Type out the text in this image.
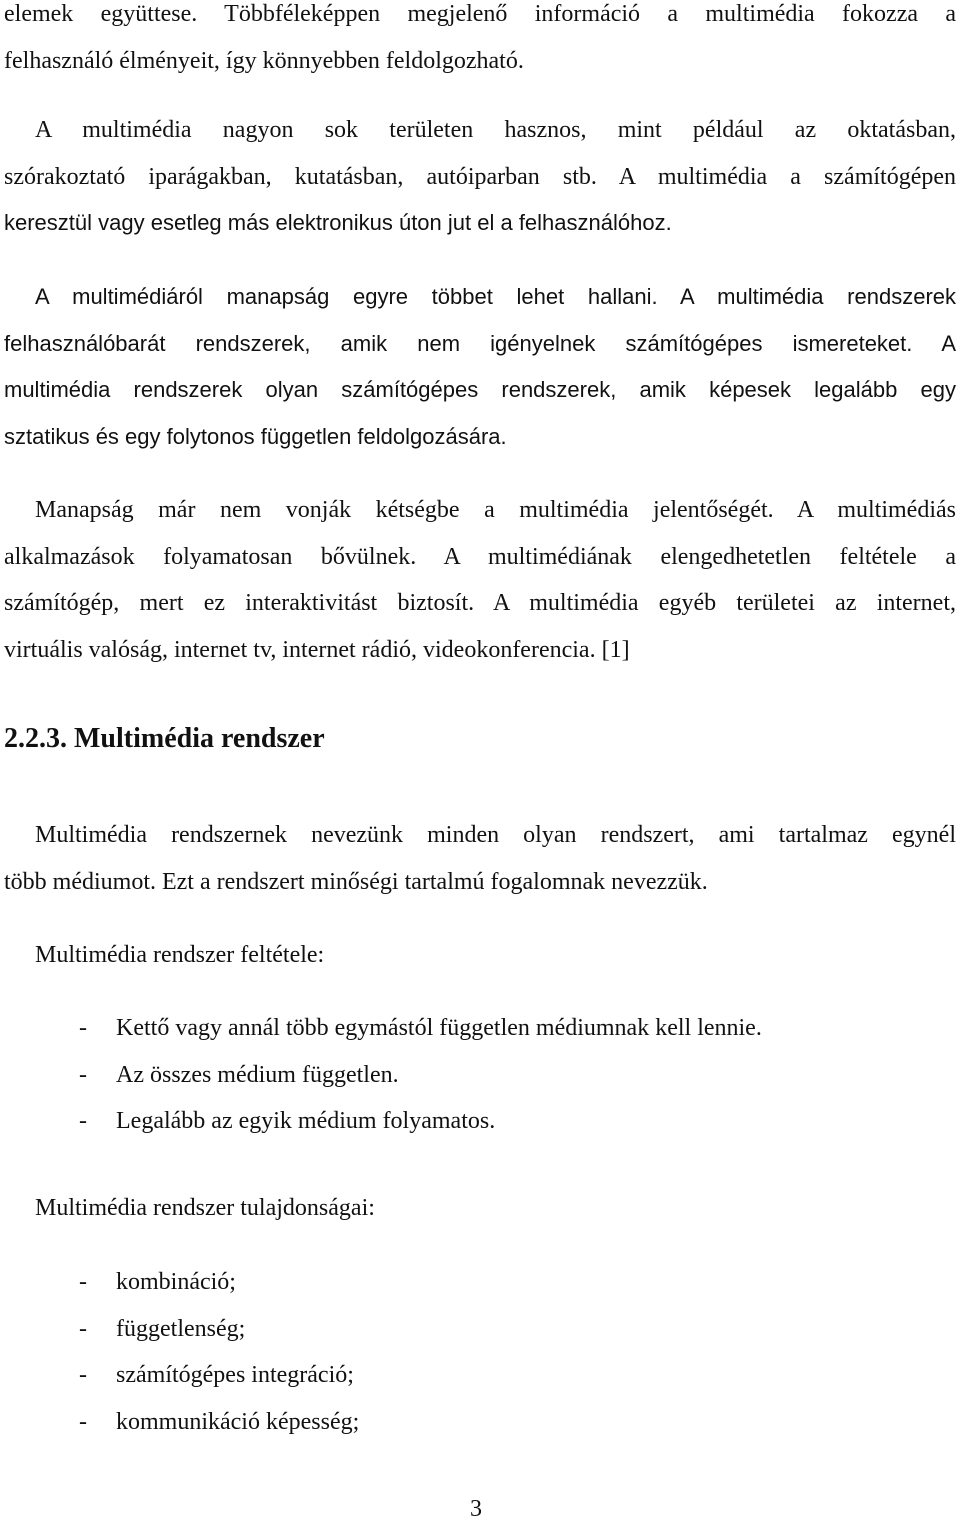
elemek együttese. Többféleképpen megjelenő információ a multimédia fokozza a
felhasználó élményeit, így könnyebben feldolgozható.
A multimédia nagyon sok területen hasznos, mint például az oktatásban,
szórakoztató iparágakban, kutatásban, autóiparban stb. A multimédia a számítógépen
keresztül vagy esetleg más elektronikus úton jut el a felhasználóhoz.
A multimédiáról manapság egyre többet lehet hallani. A multimédia rendszerek
felhasználóbarát rendszerek, amik nem igényelnek számítógépes ismereteket. A
multimédia rendszerek olyan számítógépes rendszerek, amik képesek legalább egy
sztatikus és egy folytonos független feldolgozására.
Manapság már nem vonják kétségbe a multimédia jelentőségét. A multimédiás
alkalmazások folyamatosan bővülnek. A multimédiának elengedhetetlen feltétele a
számítógép, mert ez interaktivitást biztosít. A multimédia egyéb területei az internet,
virtuális valóság, internet tv, internet rádió, videokonferencia. [1]
2.2.3. Multimédia rendszer
Multimédia rendszernek nevezünk minden olyan rendszert, ami tartalmaz egynél
több médiumot. Ezt a rendszert minőségi tartalmú fogalomnak nevezzük.

Multimédia rendszer feltétele:

- Kettő vagy annál több egymástól független médiumnak kell lennie.
- Az összes médium független.
- Legalább az egyik médium folyamatos.

Multimédia rendszer tulajdonságai:

- kombináció;
- függetlenség;
- számítógépes integráció;
- kommunikáció képesség;
3
